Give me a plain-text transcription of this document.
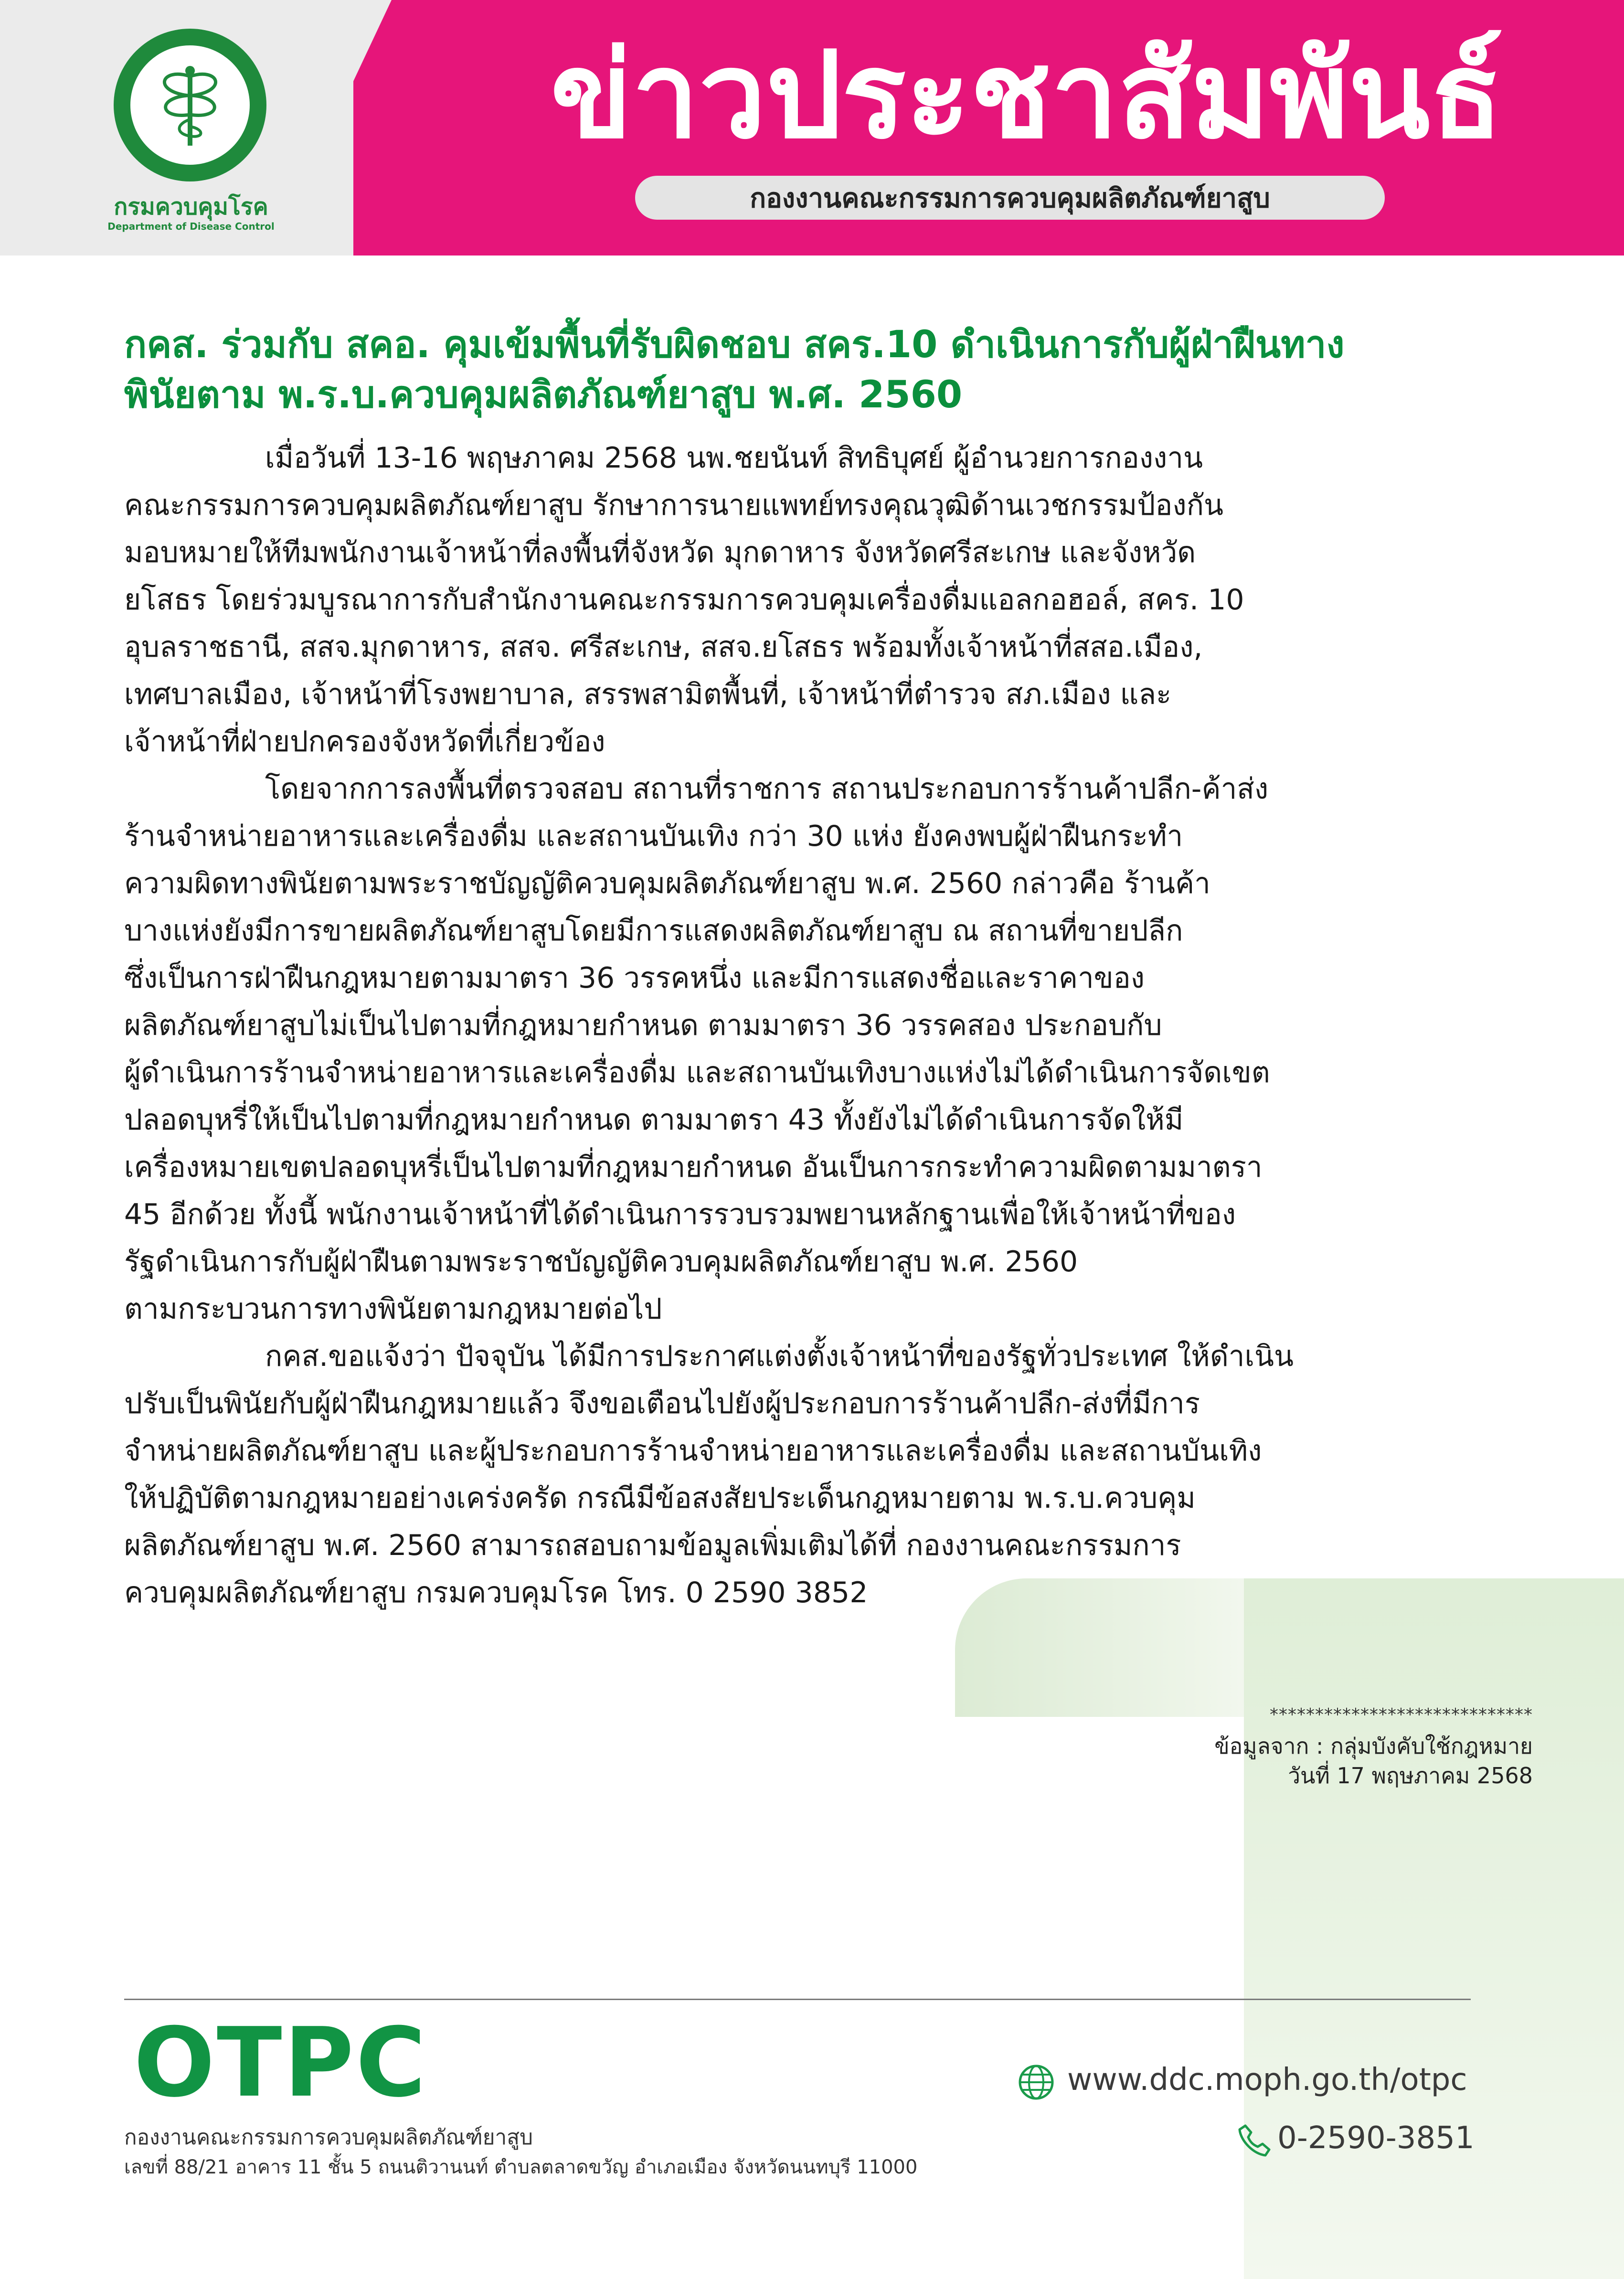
กรมควบคุมโรค
Department of Disease Control
ข่าวประชาสัมพันธ์
กองงานคณะกรรมการควบคุมผลิตภัณฑ์ยาสูบ
กคส. ร่วมกับ สคอ. คุมเข้มพื้นที่รับผิดชอบ สคร.10 ดำเนินการกับผู้ฝ่าฝืนทาง
พินัยตาม พ.ร.บ.ควบคุมผลิตภัณฑ์ยาสูบ พ.ศ. 2560
เมื่อวันที่ 13-16 พฤษภาคม 2568 นพ.ชยนันท์ สิทธิบุศย์ ผู้อำนวยการกองงาน
คณะกรรมการควบคุมผลิตภัณฑ์ยาสูบ รักษาการนายแพทย์ทรงคุณวุฒิด้านเวชกรรมป้องกัน
มอบหมายให้ทีมพนักงานเจ้าหน้าที่ลงพื้นที่จังหวัด มุกดาหาร จังหวัดศรีสะเกษ และจังหวัด
ยโสธร โดยร่วมบูรณาการกับสำนักงานคณะกรรมการควบคุมเครื่องดื่มแอลกอฮอล์, สคร. 10
อุบลราชธานี, สสจ.มุกดาหาร, สสจ. ศรีสะเกษ, สสจ.ยโสธร พร้อมทั้งเจ้าหน้าที่สสอ.เมือง,
เทศบาลเมือง, เจ้าหน้าที่โรงพยาบาล, สรรพสามิตพื้นที่, เจ้าหน้าที่ตำรวจ สภ.เมือง และ
เจ้าหน้าที่ฝ่ายปกครองจังหวัดที่เกี่ยวข้อง
โดยจากการลงพื้นที่ตรวจสอบ สถานที่ราชการ สถานประกอบการร้านค้าปลีก-ค้าส่ง
ร้านจำหน่ายอาหารและเครื่องดื่ม และสถานบันเทิง กว่า 30 แห่ง ยังคงพบผู้ฝ่าฝืนกระทำ
ความผิดทางพินัยตามพระราชบัญญัติควบคุมผลิตภัณฑ์ยาสูบ พ.ศ. 2560 กล่าวคือ ร้านค้า
บางแห่งยังมีการขายผลิตภัณฑ์ยาสูบโดยมีการแสดงผลิตภัณฑ์ยาสูบ ณ สถานที่ขายปลีก
ซึ่งเป็นการฝ่าฝืนกฎหมายตามมาตรา 36 วรรคหนึ่ง และมีการแสดงชื่อและราคาของ
ผลิตภัณฑ์ยาสูบไม่เป็นไปตามที่กฎหมายกำหนด ตามมาตรา 36 วรรคสอง ประกอบกับ
ผู้ดำเนินการร้านจำหน่ายอาหารและเครื่องดื่ม และสถานบันเทิงบางแห่งไม่ได้ดำเนินการจัดเขต
ปลอดบุหรี่ให้เป็นไปตามที่กฎหมายกำหนด ตามมาตรา 43 ทั้งยังไม่ได้ดำเนินการจัดให้มี
เครื่องหมายเขตปลอดบุหรี่เป็นไปตามที่กฎหมายกำหนด อันเป็นการกระทำความผิดตามมาตรา
45 อีกด้วย ทั้งนี้ พนักงานเจ้าหน้าที่ได้ดำเนินการรวบรวมพยานหลักฐานเพื่อให้เจ้าหน้าที่ของ
รัฐดำเนินการกับผู้ฝ่าฝืนตามพระราชบัญญัติควบคุมผลิตภัณฑ์ยาสูบ พ.ศ. 2560
ตามกระบวนการทางพินัยตามกฎหมายต่อไป
กคส.ขอแจ้งว่า ปัจจุบัน ได้มีการประกาศแต่งตั้งเจ้าหน้าที่ของรัฐทั่วประเทศ ให้ดำเนิน
ปรับเป็นพินัยกับผู้ฝ่าฝืนกฎหมายแล้ว จึงขอเตือนไปยังผู้ประกอบการร้านค้าปลีก-ส่งที่มีการ
จำหน่ายผลิตภัณฑ์ยาสูบ และผู้ประกอบการร้านจำหน่ายอาหารและเครื่องดื่ม และสถานบันเทิง
ให้ปฏิบัติตามกฎหมายอย่างเคร่งครัด กรณีมีข้อสงสัยประเด็นกฎหมายตาม พ.ร.บ.ควบคุม
ผลิตภัณฑ์ยาสูบ พ.ศ. 2560 สามารถสอบถามข้อมูลเพิ่มเติมได้ที่ กองงานคณะกรรมการ
ควบคุมผลิตภัณฑ์ยาสูบ กรมควบคุมโรค โทร. 0 2590 3852
*****************************
ข้อมูลจาก : กลุ่มบังคับใช้กฎหมาย
วันที่ 17 พฤษภาคม 2568
OTPC
กองงานคณะกรรมการควบคุมผลิตภัณฑ์ยาสูบ
เลขที่ 88/21 อาคาร 11 ชั้น 5 ถนนติวานนท์ ตำบลตลาดขวัญ อำเภอเมือง จังหวัดนนทบุรี 11000
www.ddc.moph.go.th/otpc
0-2590-3851
